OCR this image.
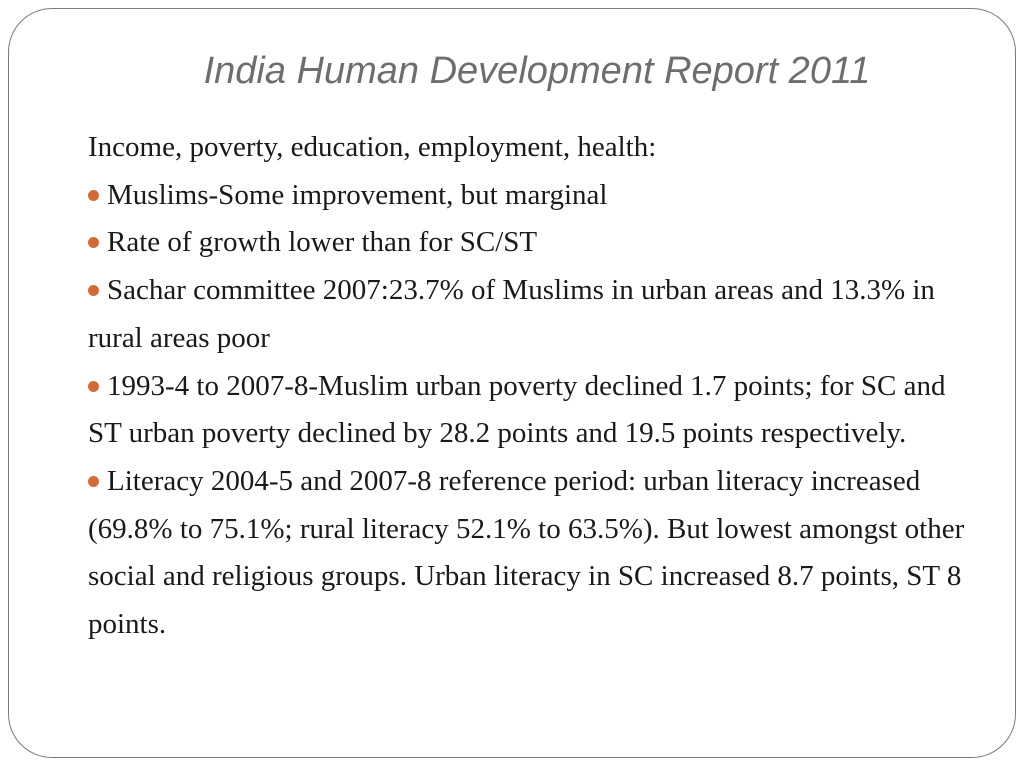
India Human Development Report 2011

Income, poverty, education, employment, health:

Muslims-Some improvement, but marginal

Rate of growth lower than for SC/ST

Sachar committee 2007:23.7% of Muslims in urban areas and 13.3% in rural areas poor

1993-4 to 2007-8-Muslim urban poverty declined 1.7 points; for SC and ST urban poverty declined by 28.2 points and 19.5 points respectively.

Literacy 2004-5 and 2007-8 reference period: urban literacy increased (69.8% to 75.1%; rural literacy 52.1% to 63.5%). But lowest amongst other social and religious groups. Urban literacy in SC increased 8.7 points, ST 8 points.
